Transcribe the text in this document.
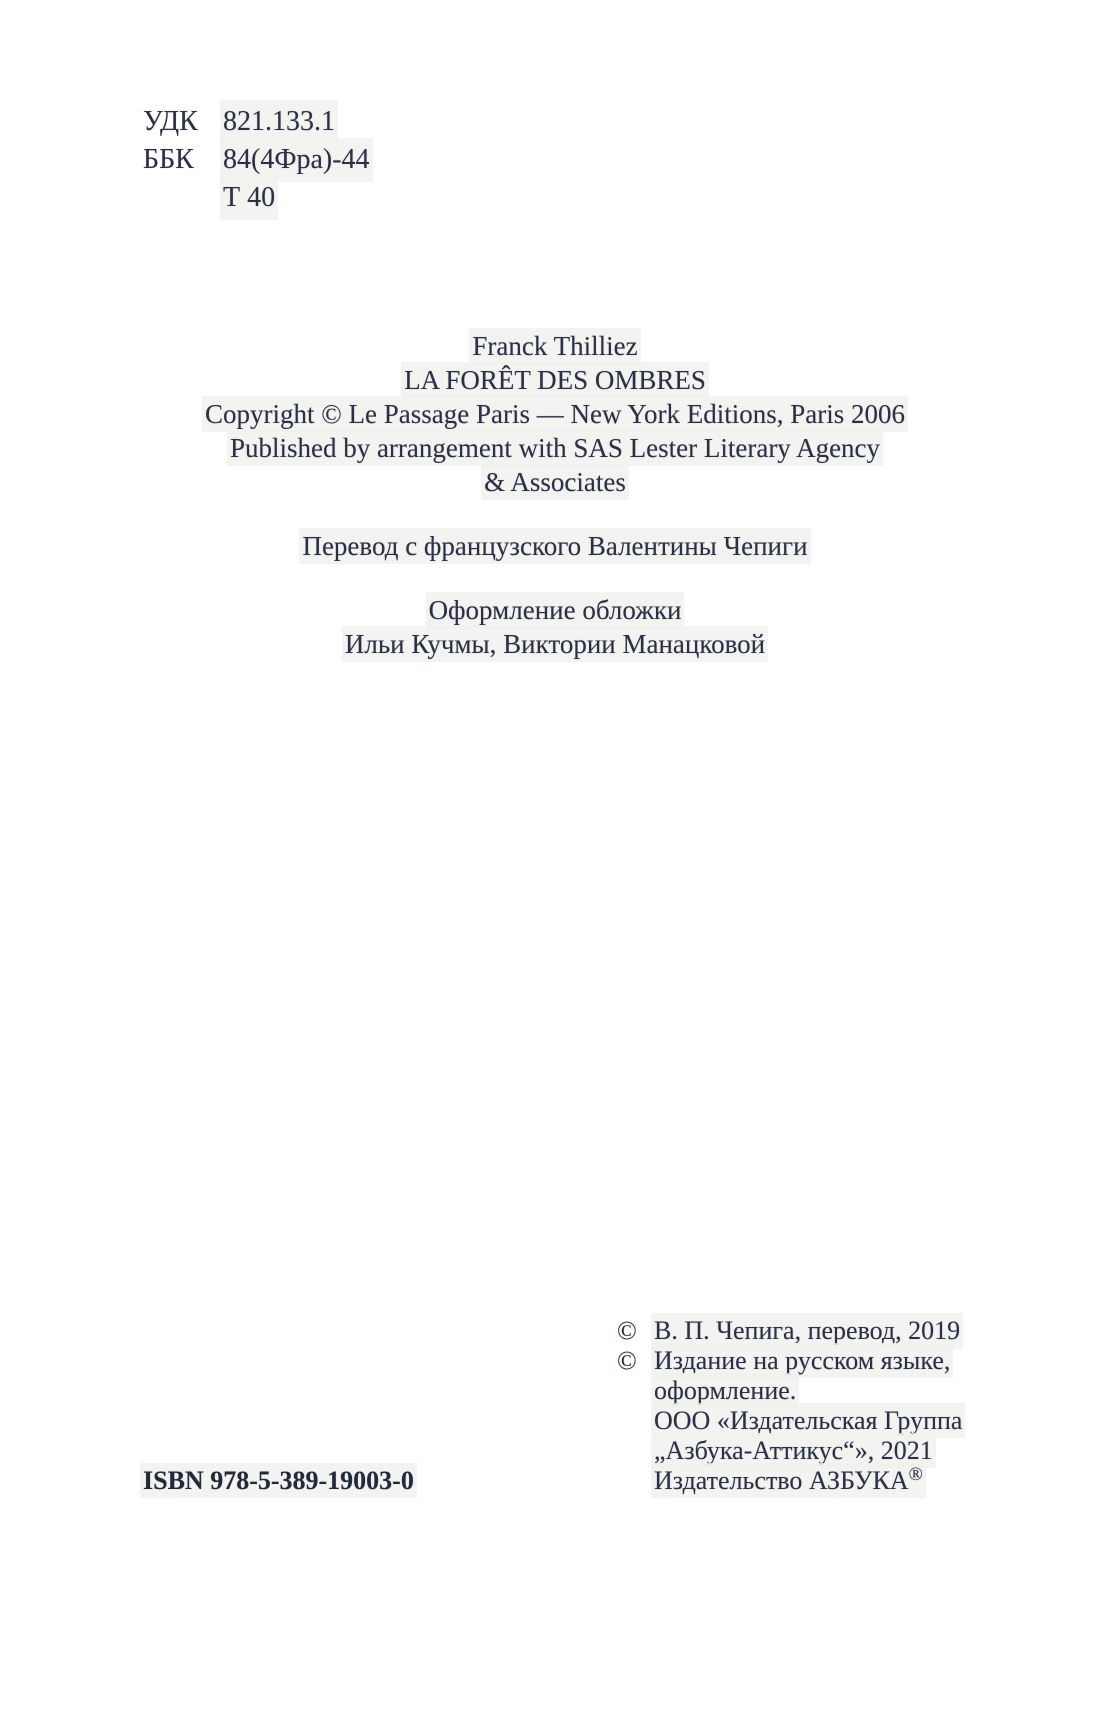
УДК 821.133.1
ББК	84(4Фра)-44
Т 40
Franck Thilliez
LA FORÊT DES OMBRES
Copyright © Le Passage Paris — New York Editions, Paris 2006
Published by arrangement with SAS Lester Literary Agency
& Associates
Перевод с французского Валентины Чепиги
Оформление обложки
Ильи Кучмы, Виктории Манацковой
© В. П. Чепига, перевод, 2019
© Издание на русском языке,
оформление.
ООО «Издательская Группа
„Азбука-Аттикус“», 2021
Издательство АЗБУКА®
ISBN 978-5-389-19003-0
